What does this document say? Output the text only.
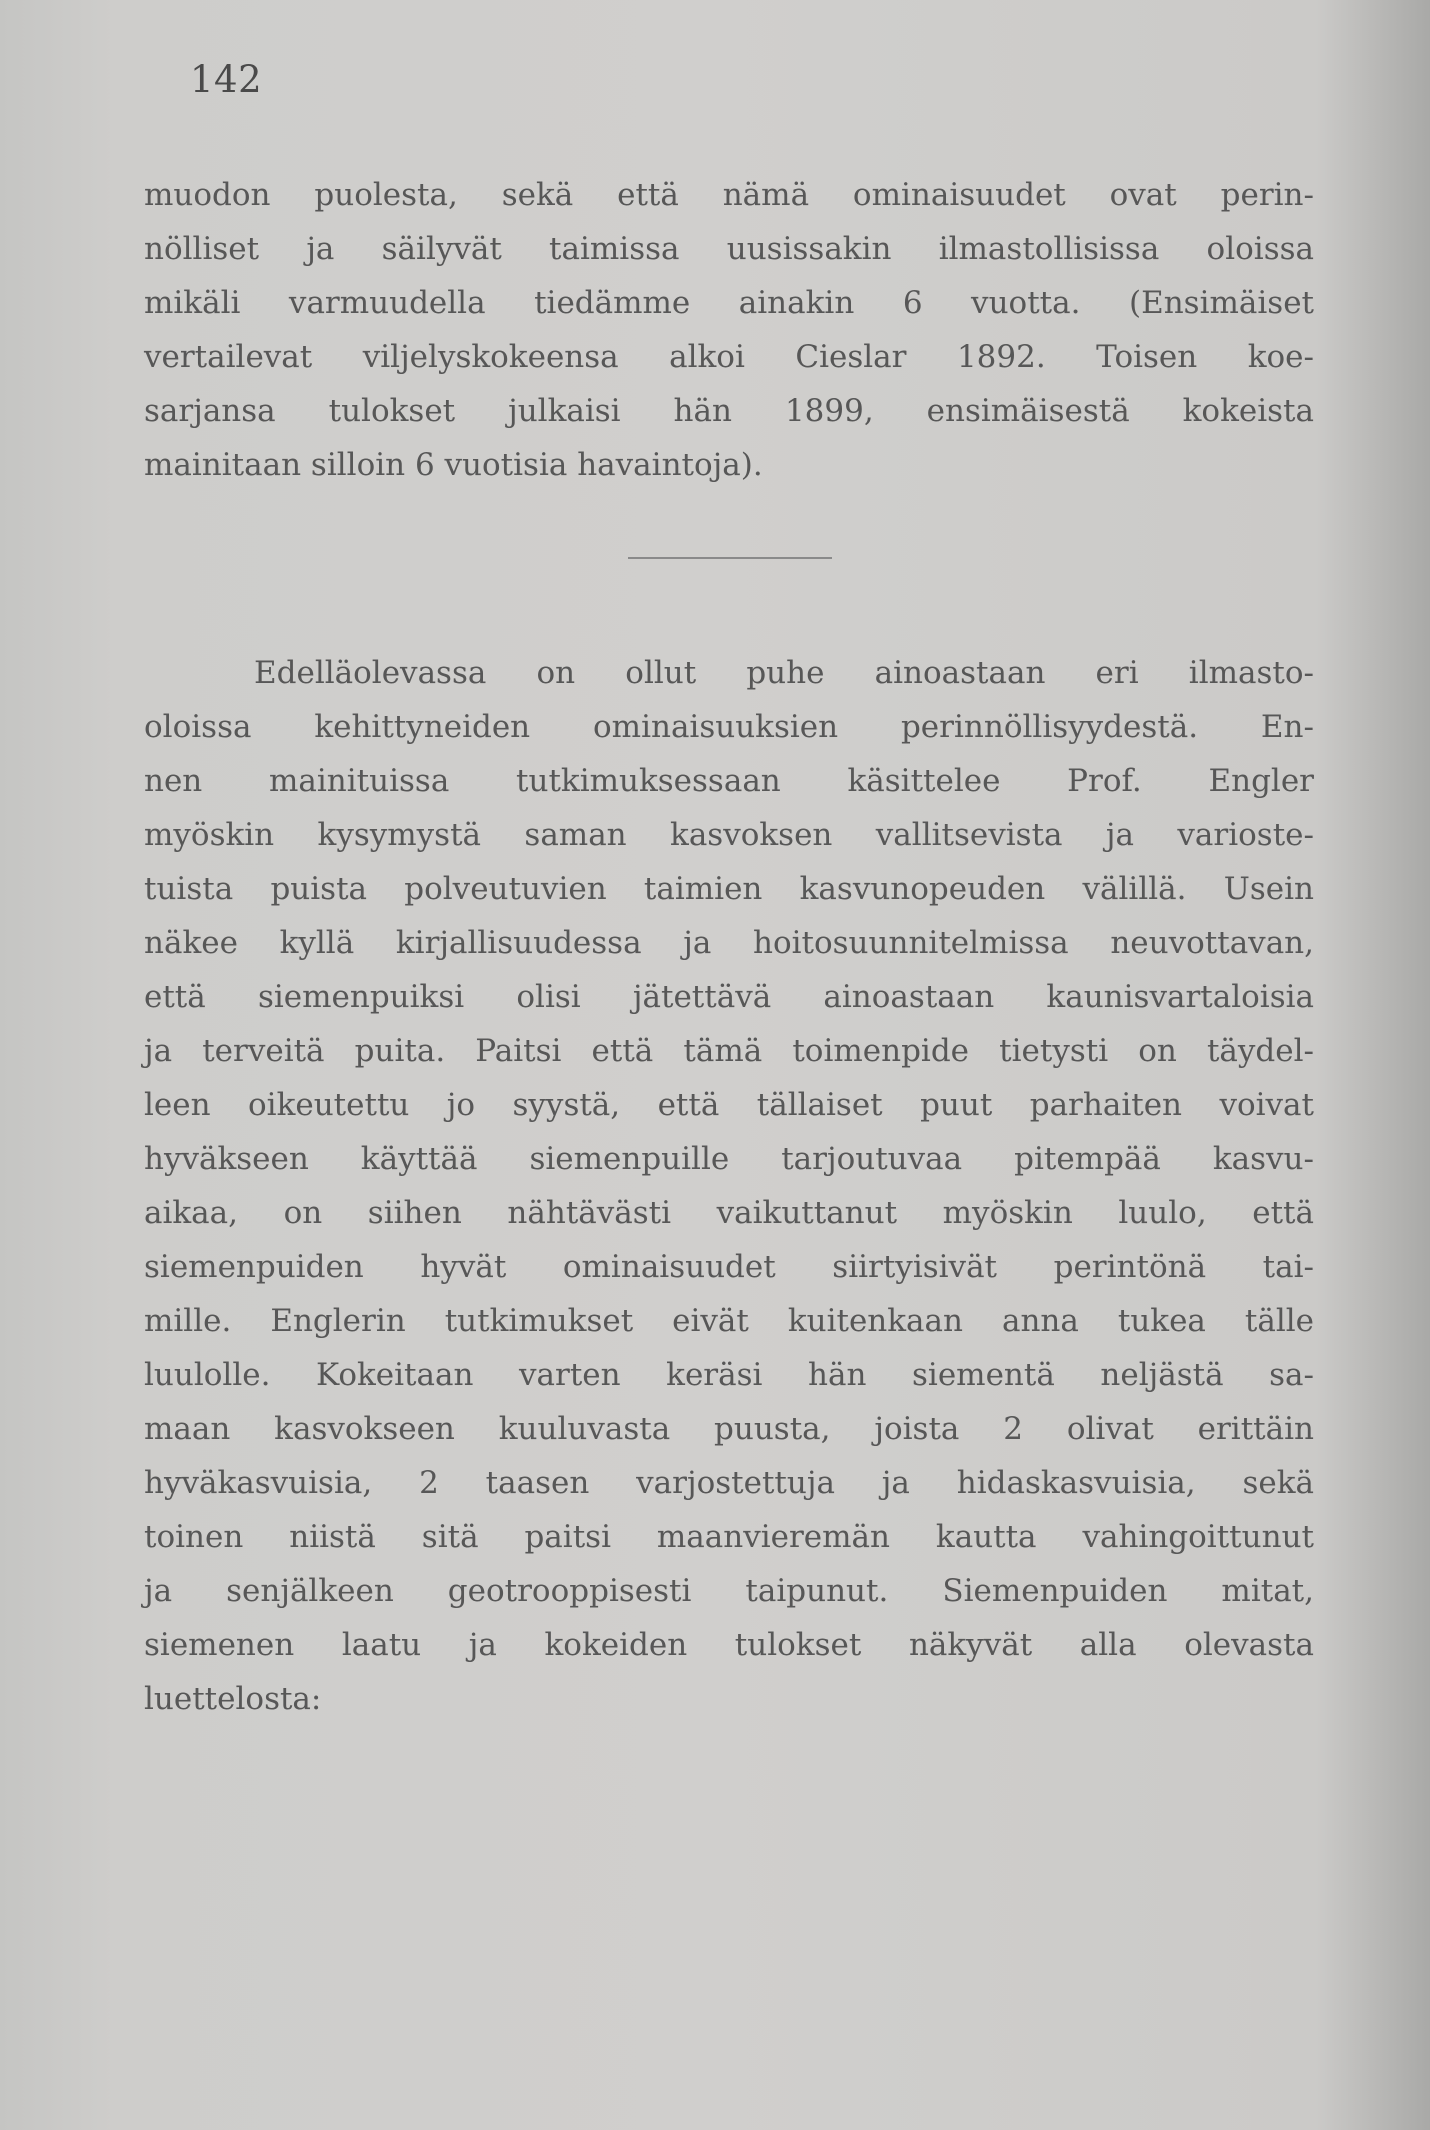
142
muodon puolesta, sekä että nämä ominaisuudet ovat perin-
nölliset ja säilyvät taimissa uusissakin ilmastollisissa oloissa
mikäli varmuudella tiedämme ainakin 6 vuotta. (Ensimäiset
vertailevat viljelyskokeensa alkoi Cieslar 1892. Toisen koe-
sarjansa tulokset julkaisi hän 1899, ensimäisestä kokeista
mainitaan silloin 6 vuotisia havaintoja).
Edelläolevassa on ollut puhe ainoastaan eri ilmasto-
oloissa kehittyneiden ominaisuuksien perinnöllisyydestä. En-
nen mainituissa tutkimuksessaan käsittelee Prof. Engler
myöskin kysymystä saman kasvoksen vallitsevista ja varioste-
tuista puista polveutuvien taimien kasvunopeuden välillä. Usein
näkee kyllä kirjallisuudessa ja hoitosuunnitelmissa neuvottavan,
että siemenpuiksi olisi jätettävä ainoastaan kaunisvartaloisia
ja terveitä puita. Paitsi että tämä toimenpide tietysti on täydel-
leen oikeutettu jo syystä, että tällaiset puut parhaiten voivat
hyväkseen käyttää siemenpuille tarjoutuvaa pitempää kasvu-
aikaa, on siihen nähtävästi vaikuttanut myöskin luulo, että
siemenpuiden hyvät ominaisuudet siirtyisivät perintönä tai-
mille. Englerin tutkimukset eivät kuitenkaan anna tukea tälle
luulolle. Kokeitaan varten keräsi hän siementä neljästä sa-
maan kasvokseen kuuluvasta puusta, joista 2 olivat erittäin
hyväkasvuisia, 2 taasen varjostettuja ja hidaskasvuisia, sekä
toinen niistä sitä paitsi maanvieremän kautta vahingoittunut
ja senjälkeen geotrooppisesti taipunut. Siemenpuiden mitat,
siemenen laatu ja kokeiden tulokset näkyvät alla olevasta
luettelosta:
